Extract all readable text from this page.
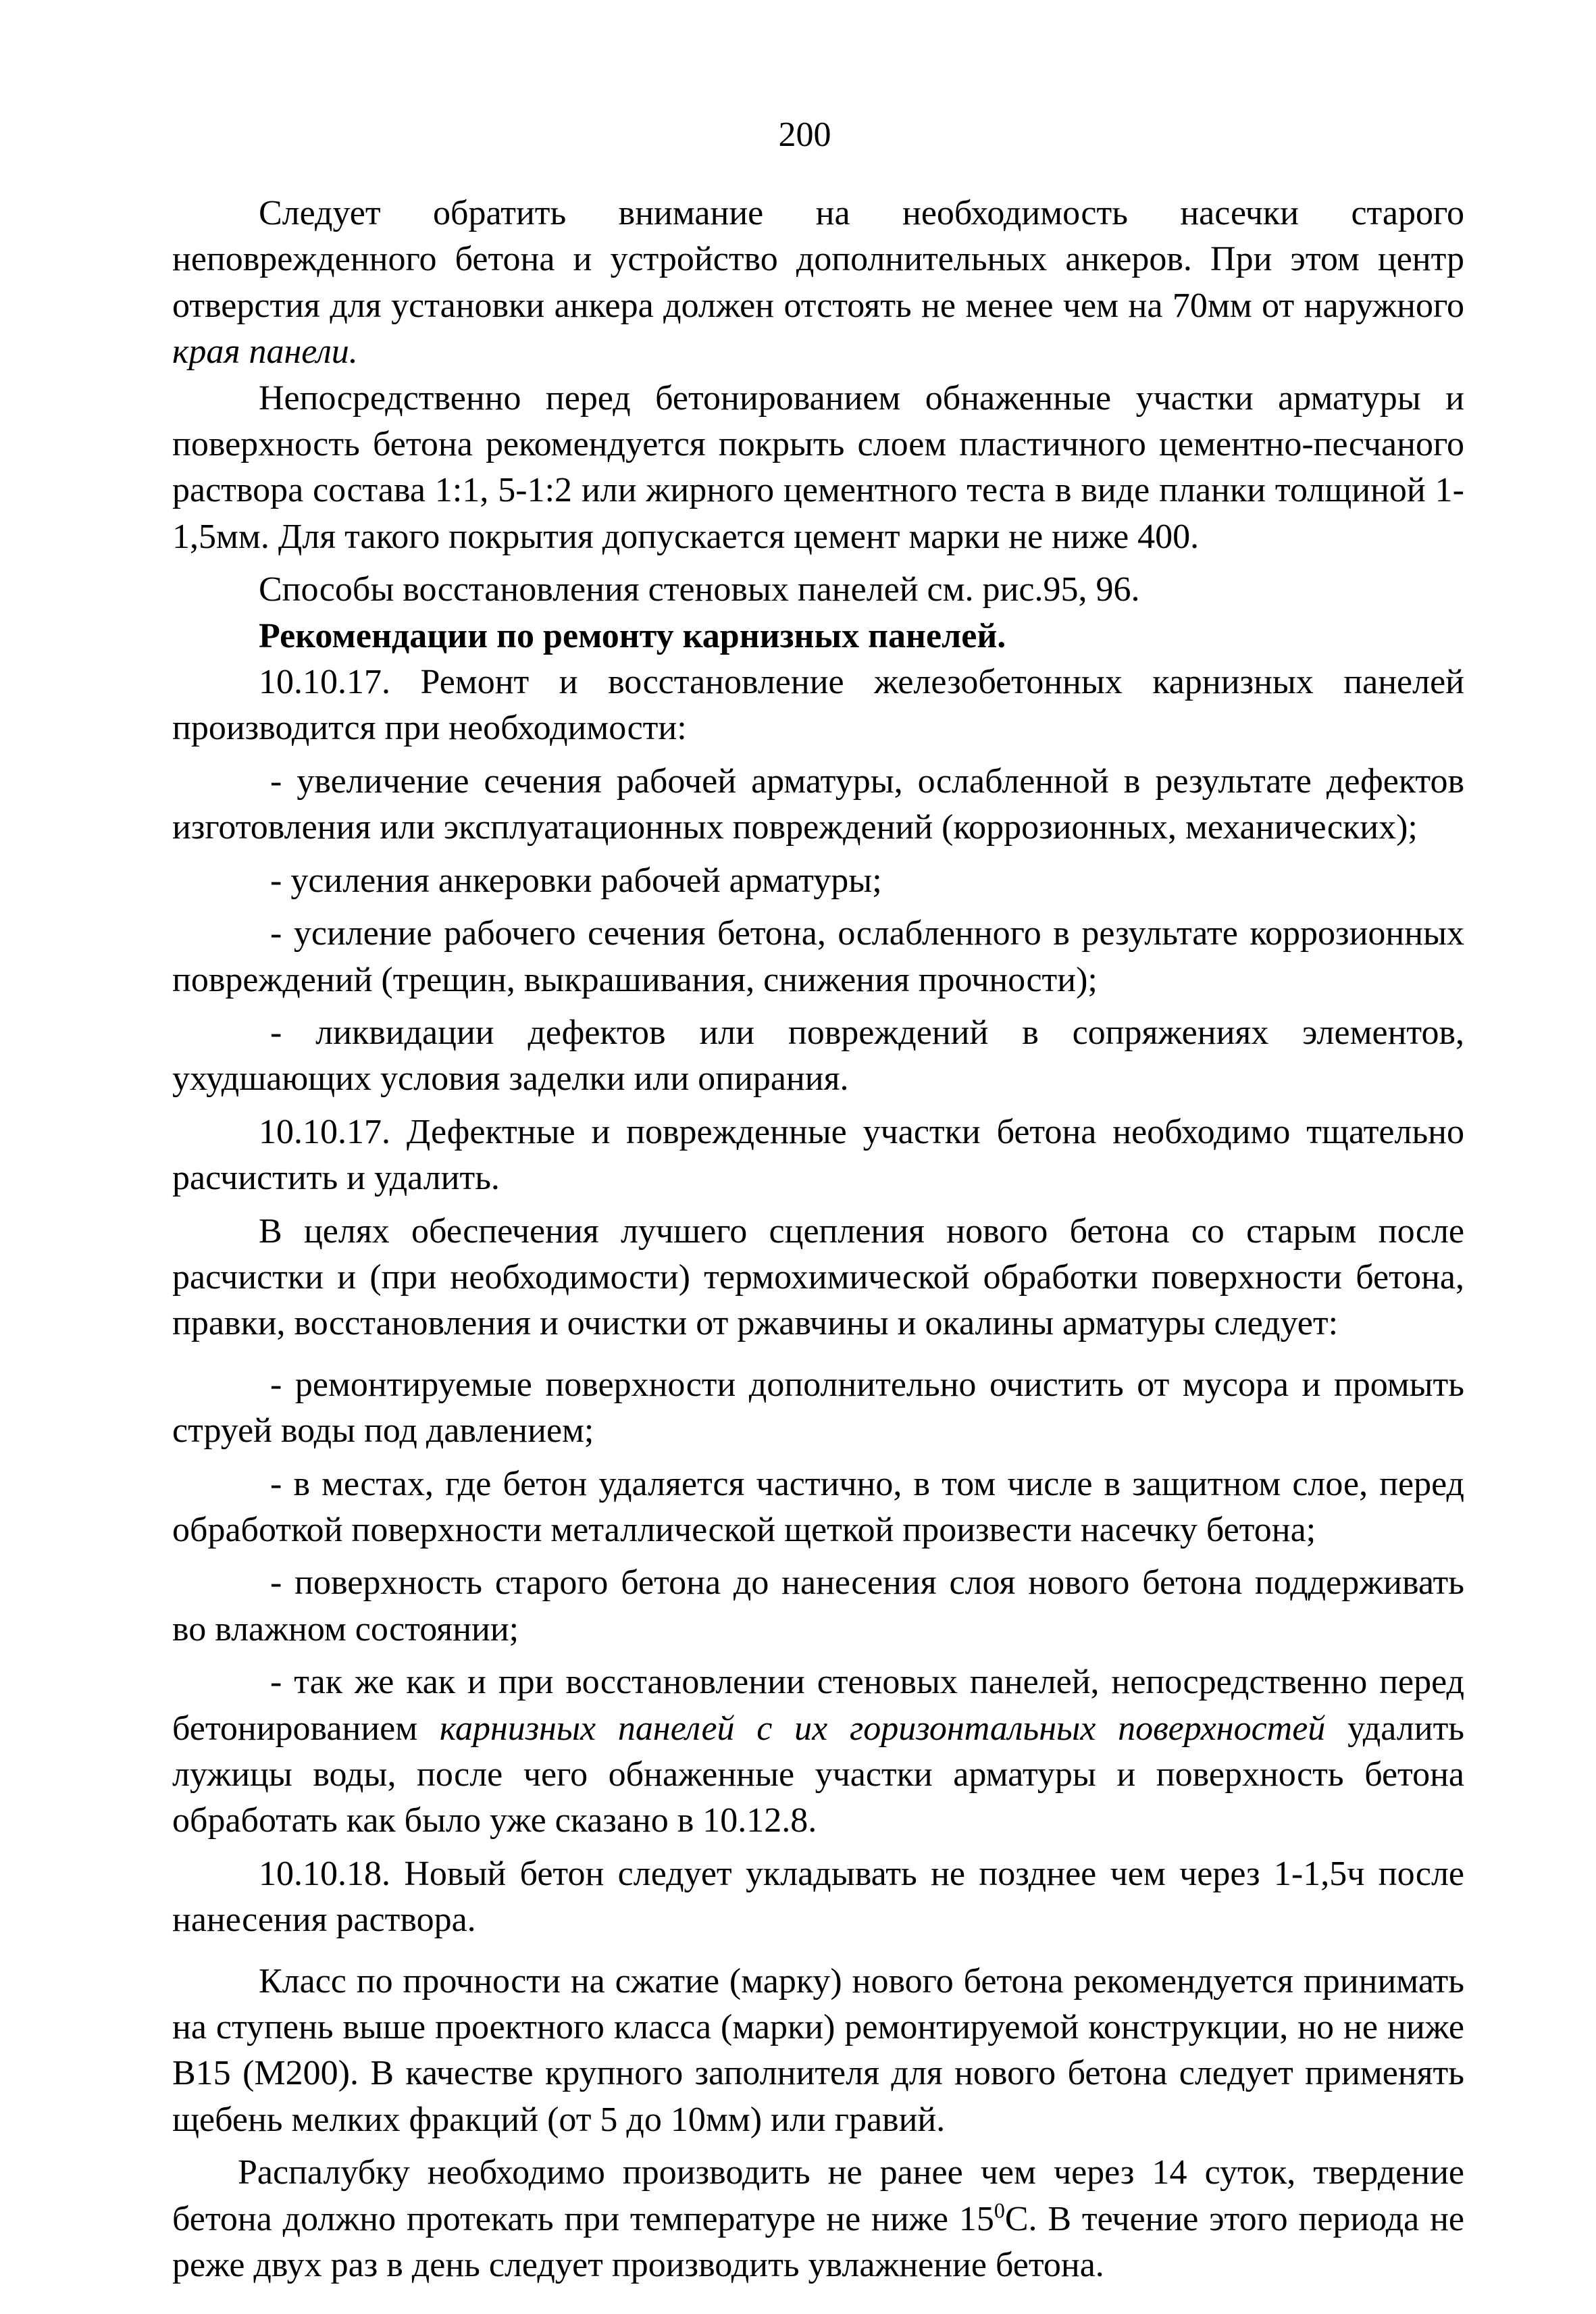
200

Следует обратить внимание на необходимость насечки старого неповрежденного бетона и устройство дополнительных анкеров. При этом центр отверстия для установки анкера должен отстоять не менее чем на 70мм от наружного края панели.

Непосредственно перед бетонированием обнаженные участки арматуры и поверхность бетона рекомендуется покрыть слоем пластичного цементно-песчаного раствора состава 1:1, 5-1:2 или жирного цементного теста в виде планки толщиной 1-1,5мм. Для такого покрытия допускается цемент марки не ниже 400.

Способы восстановления стеновых панелей см. рис.95, 96.

Рекомендации по ремонту карнизных панелей.

10.10.17. Ремонт и восстановление железобетонных карнизных панелей производится при необходимости:

- увеличение сечения рабочей арматуры, ослабленной в результате дефектов изготовления или эксплуатационных повреждений (коррозионных, механических);

- усиления анкеровки рабочей арматуры;

- усиление рабочего сечения бетона, ослабленного в результате коррозионных повреждений (трещин, выкрашивания, снижения прочности);

- ликвидации дефектов или повреждений в сопряжениях элементов, ухудшающих условия заделки или опирания.

10.10.17. Дефектные и поврежденные участки бетона необходимо тщательно расчистить и удалить.

В целях обеспечения лучшего сцепления нового бетона со старым после расчистки и (при необходимости) термохимической обработки поверхности бетона, правки, восстановления и очистки от ржавчины и окалины арматуры следует:

- ремонтируемые поверхности дополнительно очистить от мусора и промыть струей воды под давлением;

- в местах, где бетон удаляется частично, в том числе в защитном слое, перед обработкой поверхности металлической щеткой произвести насечку бетона;

- поверхность старого бетона до нанесения слоя нового бетона поддерживать во влажном состоянии;

- так же как и при восстановлении стеновых панелей, непосредственно перед бетонированием карнизных панелей с их горизонтальных поверхностей удалить лужицы воды, после чего обнаженные участки арматуры и поверхность бетона обработать как было уже сказано в 10.12.8.

10.10.18. Новый бетон следует укладывать не позднее чем через 1-1,5ч после нанесения раствора.

Класс по прочности на сжатие (марку) нового бетона рекомендуется принимать на ступень выше проектного класса (марки) ремонтируемой конструкции, но не ниже В15 (М200). В качестве крупного заполнителя для нового бетона следует применять щебень мелких фракций (от 5 до 10мм) или гравий.

Распалубку необходимо производить не ранее чем через 14 суток, твердение бетона должно протекать при температуре не ниже $15^0С$. В течение этого периода не реже двух раз в день следует производить увлажнение бетона.
